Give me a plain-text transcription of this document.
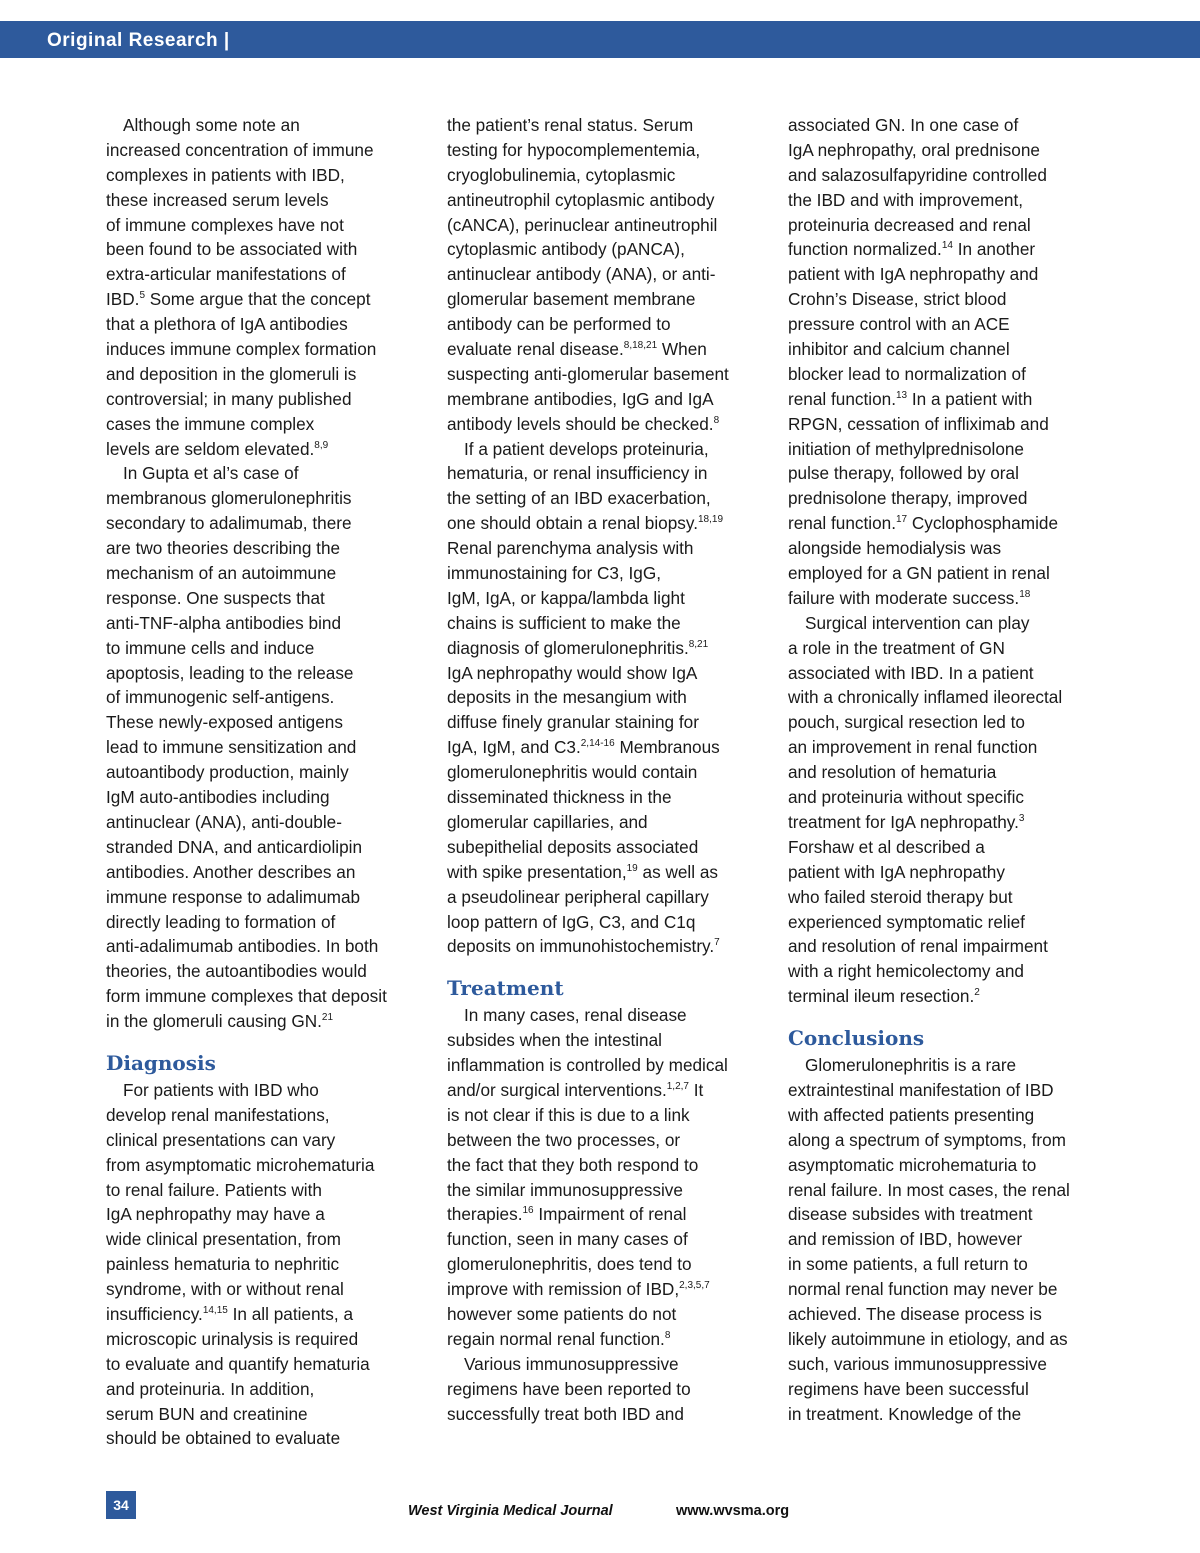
Original Research |
Although some note an
increased concentration of immune
complexes in patients with IBD,
these increased serum levels
of immune complexes have not
been found to be associated with
extra-articular manifestations of
IBD.$^5$ Some argue that the concept
that a plethora of IgA antibodies
induces immune complex formation
and deposition in the glomeruli is
controversial; in many published
cases the immune complex
levels are seldom elevated.$^{8,9}$
In Gupta et al’s case of
membranous glomerulonephritis
secondary to adalimumab, there
are two theories describing the
mechanism of an autoimmune
response. One suspects that
anti-TNF-alpha antibodies bind
to immune cells and induce
apoptosis, leading to the release
of immunogenic self-antigens.
These newly-exposed antigens
lead to immune sensitization and
autoantibody production, mainly
IgM auto-antibodies including
antinuclear (ANA), anti-double-
stranded DNA, and anticardiolipin
antibodies. Another describes an
immune response to adalimumab
directly leading to formation of
anti-adalimumab antibodies. In both
theories, the autoantibodies would
form immune complexes that deposit
in the glomeruli causing GN.$^{21}$
Diagnosis
For patients with IBD who
develop renal manifestations,
clinical presentations can vary
from asymptomatic microhematuria
to renal failure. Patients with
IgA nephropathy may have a
wide clinical presentation, from
painless hematuria to nephritic
syndrome, with or without renal
insufficiency.$^{14,15}$ In all patients, a
microscopic urinalysis is required
to evaluate and quantify hematuria
and proteinuria. In addition,
serum BUN and creatinine
should be obtained to evaluate
the patient’s renal status. Serum
testing for hypocomplementemia,
cryoglobulinemia, cytoplasmic
antineutrophil cytoplasmic antibody
(cANCA), perinuclear antineutrophil
cytoplasmic antibody (pANCA),
antinuclear antibody (ANA), or anti-
glomerular basement membrane
antibody can be performed to
evaluate renal disease.$^{8,18,21}$ When
suspecting anti-glomerular basement
membrane antibodies, IgG and IgA
antibody levels should be checked.$^8$
If a patient develops proteinuria,
hematuria, or renal insufficiency in
the setting of an IBD exacerbation,
one should obtain a renal biopsy.$^{18,19}$
Renal parenchyma analysis with
immunostaining for C3, IgG,
IgM, IgA, or kappa/lambda light
chains is sufficient to make the
diagnosis of glomerulonephritis.$^{8,21}$
IgA nephropathy would show IgA
deposits in the mesangium with
diffuse finely granular staining for
IgA, IgM, and C3.$^{2,14-16}$ Membranous
glomerulonephritis would contain
disseminated thickness in the
glomerular capillaries, and
subepithelial deposits associated
with spike presentation,$^{19}$ as well as
a pseudolinear peripheral capillary
loop pattern of IgG, C3, and C1q
deposits on immunohistochemistry.$^7$
Treatment
In many cases, renal disease
subsides when the intestinal
inflammation is controlled by medical
and/or surgical interventions.$^{1,2,7}$ It
is not clear if this is due to a link
between the two processes, or
the fact that they both respond to
the similar immunosuppressive
therapies.$^{16}$ Impairment of renal
function, seen in many cases of
glomerulonephritis, does tend to
improve with remission of IBD,$^{2,3,5,7}$
however some patients do not
regain normal renal function.$^8$
Various immunosuppressive
regimens have been reported to
successfully treat both IBD and
associated GN. In one case of
IgA nephropathy, oral prednisone
and salazosulfapyridine controlled
the IBD and with improvement,
proteinuria decreased and renal
function normalized.$^{14}$ In another
patient with IgA nephropathy and
Crohn’s Disease, strict blood
pressure control with an ACE
inhibitor and calcium channel
blocker lead to normalization of
renal function.$^{13}$ In a patient with
RPGN, cessation of infliximab and
initiation of methylprednisolone
pulse therapy, followed by oral
prednisolone therapy, improved
renal function.$^{17}$ Cyclophosphamide
alongside hemodialysis was
employed for a GN patient in renal
failure with moderate success.$^{18}$
Surgical intervention can play
a role in the treatment of GN
associated with IBD. In a patient
with a chronically inflamed ileorectal
pouch, surgical resection led to
an improvement in renal function
and resolution of hematuria
and proteinuria without specific
treatment for IgA nephropathy.$^3$
Forshaw et al described a
patient with IgA nephropathy
who failed steroid therapy but
experienced symptomatic relief
and resolution of renal impairment
with a right hemicolectomy and
terminal ileum resection.$^2$
Conclusions
Glomerulonephritis is a rare
extraintestinal manifestation of IBD
with affected patients presenting
along a spectrum of symptoms, from
asymptomatic microhematuria to
renal failure. In most cases, the renal
disease subsides with treatment
and remission of IBD, however
in some patients, a full return to
normal renal function may never be
achieved. The disease process is
likely autoimmune in etiology, and as
such, various immunosuppressive
regimens have been successful
in treatment. Knowledge of the
34	West Virginia Medical Journal	www.wvsma.org
